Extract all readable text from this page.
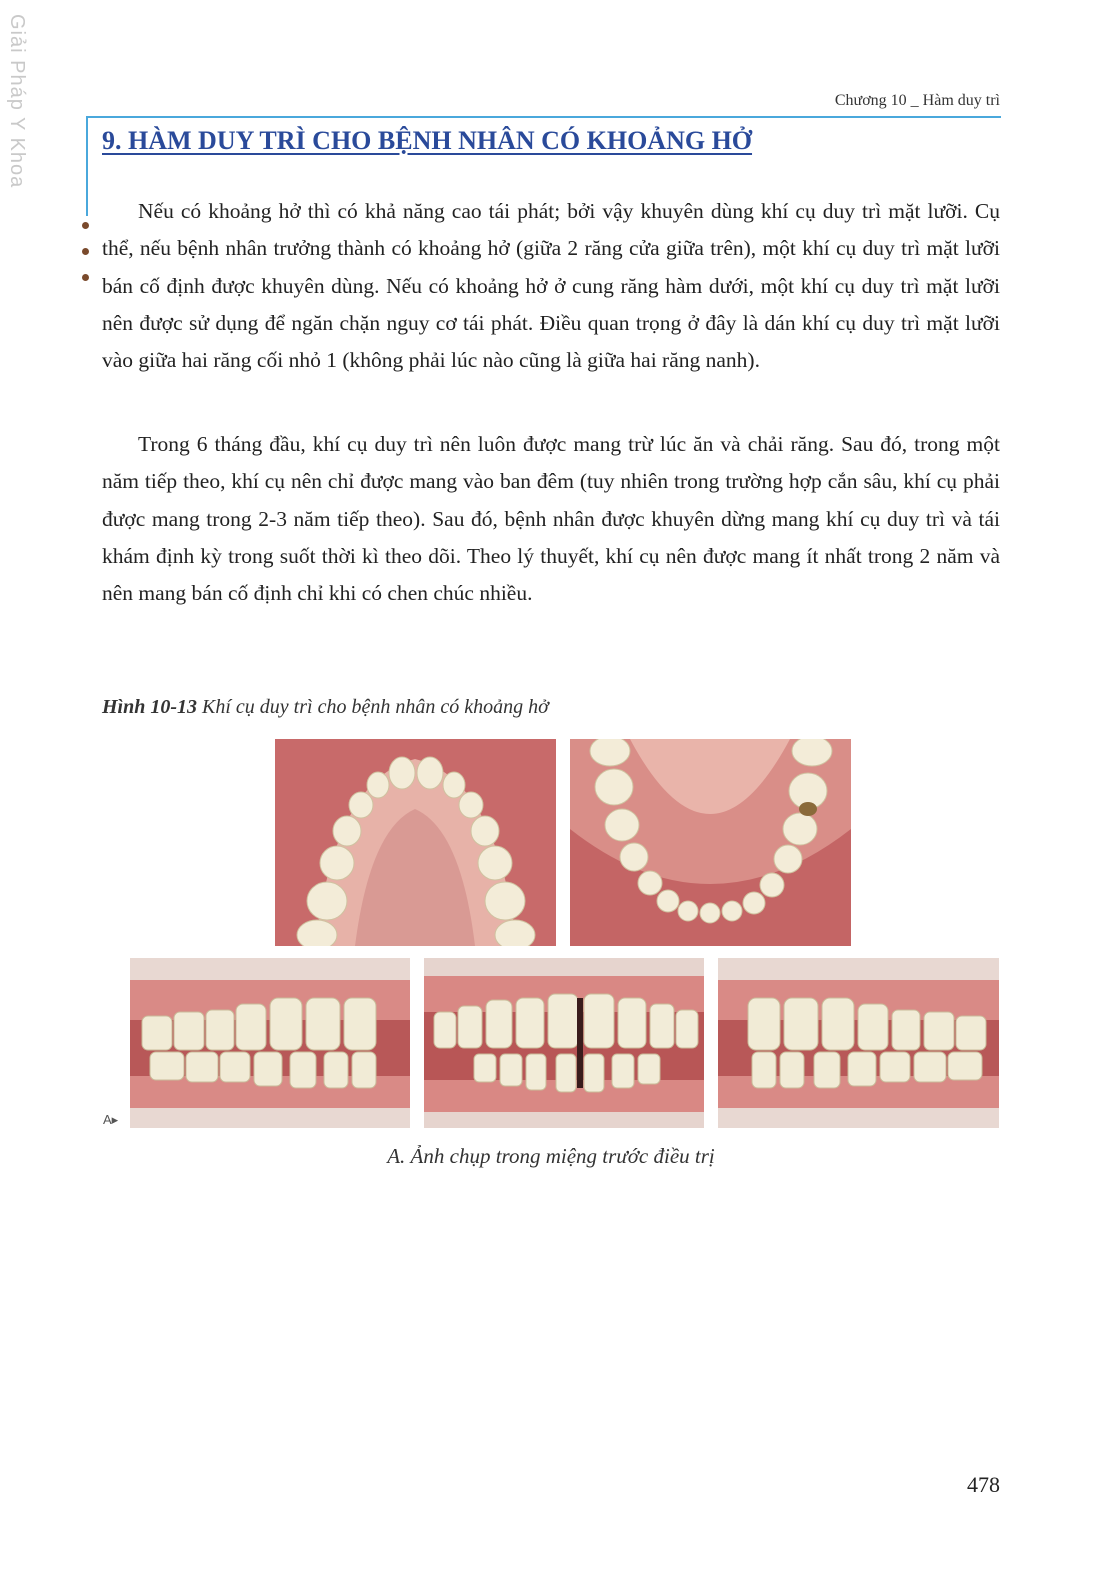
Giải Pháp Y Khoa	Chương 10 _ Hàm duy trì
9. HÀM DUY TRÌ CHO BỆNH NHÂN CÓ KHOẢNG HỞ

Nếu có khoảng hở thì có khả năng cao tái phát; bởi vậy khuyên dùng khí cụ duy trì mặt lưỡi. Cụ thể, nếu bệnh nhân trưởng thành có khoảng hở (giữa 2 răng cửa giữa trên), một khí cụ duy trì mặt lưỡi bán cố định được khuyên dùng. Nếu có khoảng hở ở cung răng hàm dưới, một khí cụ duy trì mặt lưỡi nên được sử dụng để ngăn chặn nguy cơ tái phát. Điều quan trọng ở đây là dán khí cụ duy trì mặt lưỡi vào giữa hai răng cối nhỏ 1 (không phải lúc nào cũng là giữa hai răng nanh).

Trong 6 tháng đầu, khí cụ duy trì nên luôn được mang trừ lúc ăn và chải răng. Sau đó, trong một năm tiếp theo, khí cụ nên chỉ được mang vào ban đêm (tuy nhiên trong trường hợp cắn sâu, khí cụ phải được mang trong 2-3 năm tiếp theo). Sau đó, bệnh nhân được khuyên dừng mang khí cụ duy trì và tái khám định kỳ trong suốt thời kì theo dõi. Theo lý thuyết, khí cụ nên được mang ít nhất trong 2 năm và nên mang bán cố định chỉ khi có chen chúc nhiều.

Hình 10-13 Khí cụ duy trì cho bệnh nhân có khoảng hở
A▸
A. Ảnh chụp trong miệng trước điều trị
478
